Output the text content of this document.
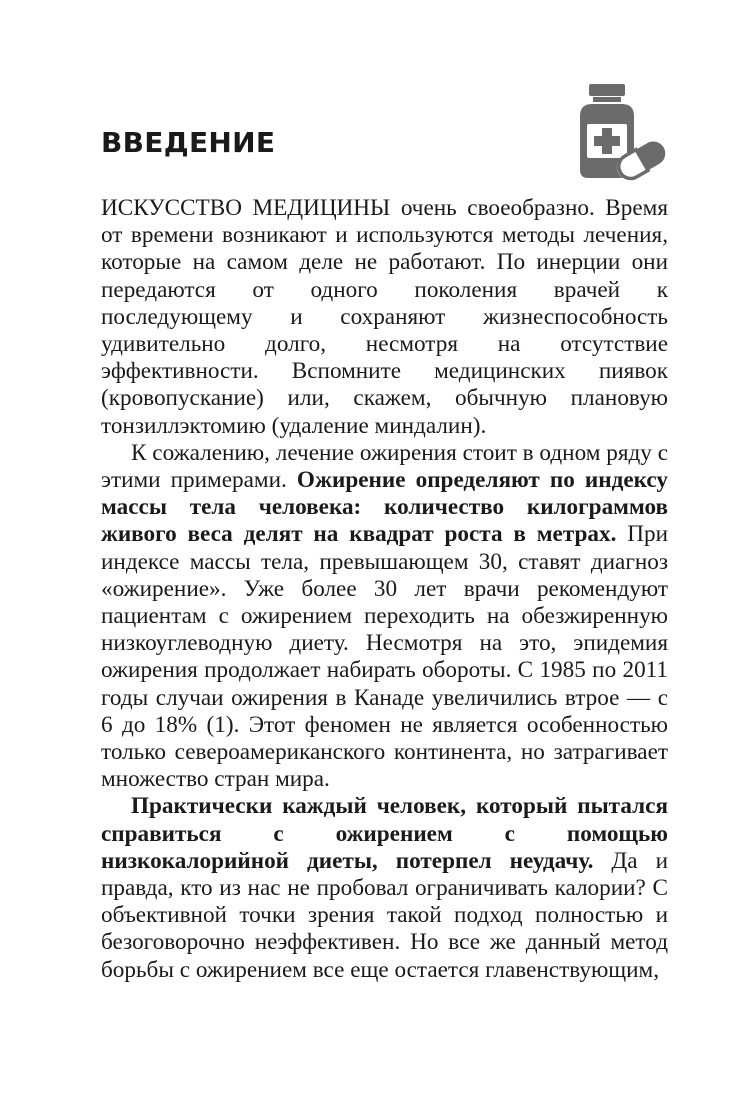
ВВЕДЕНИЕ

ИСКУССТВО МЕДИЦИНЫ очень своеобразно. Время от времени возникают и используются методы лечения, которые на самом деле не работают. По инерции они передаются от одного поколения врачей к последующему и сохраняют жизнеспособность удивительно долго, несмотря на отсутствие эффективности. Вспомните медицинских пиявок (кровопускание) или, скажем, обычную плановую тонзиллэктомию (удаление миндалин).

К сожалению, лечение ожирения стоит в одном ряду с этими примерами. Ожирение определяют по индексу массы тела человека: количество килограммов живого веса делят на квадрат роста в метрах. При индексе массы тела, превышающем 30, ставят диагноз «ожирение». Уже более 30 лет врачи рекомендуют пациентам с ожирением переходить на обезжиренную низкоуглеводную диету. Несмотря на это, эпидемия ожирения продолжает набирать обороты. С 1985 по 2011 годы случаи ожирения в Канаде увеличились втрое — с 6 до 18% (1). Этот феномен не является особенностью только североамериканского континента, но затрагивает множество стран мира.

Практически каждый человек, который пытался справиться с ожирением с помощью низкокалорийной диеты, потерпел неудачу. Да и правда, кто из нас не пробовал ограничивать калории? С объективной точки зрения такой подход полностью и безоговорочно неэффективен. Но все же данный метод борьбы с ожирением все еще остается главенствующим,
